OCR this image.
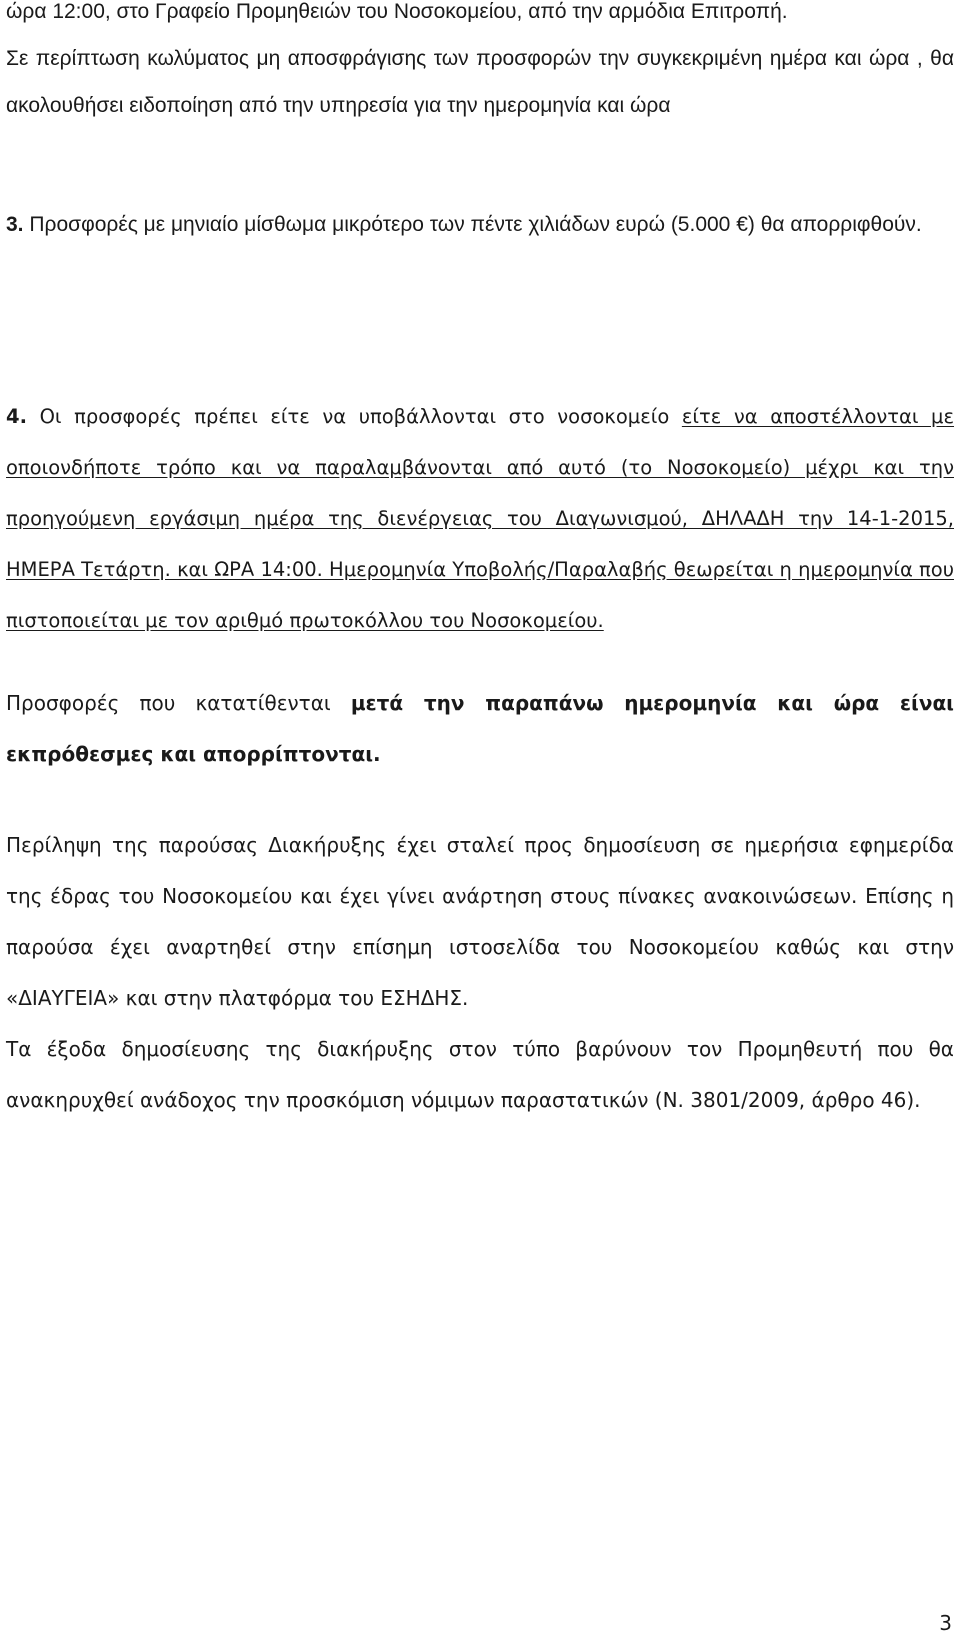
ώρα 12:00, στο Γραφείο Προμηθειών του Νοσοκομείου, από την αρμόδια Επιτροπή.
Σε περίπτωση κωλύματος μη αποσφράγισης των προσφορών την συγκεκριμένη ημέρα και ώρα , θα ακολουθήσει ειδοποίηση από την υπηρεσία για την ημερομηνία και ώρα
3. Προσφορές με μηνιαίο μίσθωμα μικρότερο των πέντε χιλιάδων ευρώ (5.000 €) θα απορριφθούν.
4. Οι προσφορές πρέπει είτε να υποβάλλονται στο νοσοκομείο είτε να αποστέλλονται με οποιονδήποτε τρόπο και να παραλαμβάνονται από αυτό (το Νοσοκομείο) μέχρι και την προηγούμενη εργάσιμη ημέρα της διενέργειας του Διαγωνισμού, ΔΗΛΑΔΗ την 14-1-2015, ΗΜΕΡΑ Τετάρτη. και ΩΡΑ 14:00. Ημερομηνία Υποβολής/Παραλαβής θεωρείται η ημερομηνία που πιστοποιείται με τον αριθμό πρωτοκόλλου του Νοσοκομείου.
Προσφορές που κατατίθενται μετά την παραπάνω ημερομηνία και ώρα είναι εκπρόθεσμες και απορρίπτονται.
Περίληψη της παρούσας Διακήρυξης έχει σταλεί προς δημοσίευση σε ημερήσια εφημερίδα της έδρας του Νοσοκομείου και έχει γίνει ανάρτηση στους πίνακες ανακοινώσεων. Επίσης η παρούσα έχει αναρτηθεί στην επίσημη ιστοσελίδα του Νοσοκομείου καθώς και στην «ΔΙΑΥΓΕΙΑ» και στην πλατφόρμα του ΕΣΗΔΗΣ.
Τα έξοδα δημοσίευσης της διακήρυξης στον τύπο βαρύνουν τον Προμηθευτή που θα ανακηρυχθεί ανάδοχος την προσκόμιση νόμιμων παραστατικών (Ν. 3801/2009, άρθρο 46).
3
